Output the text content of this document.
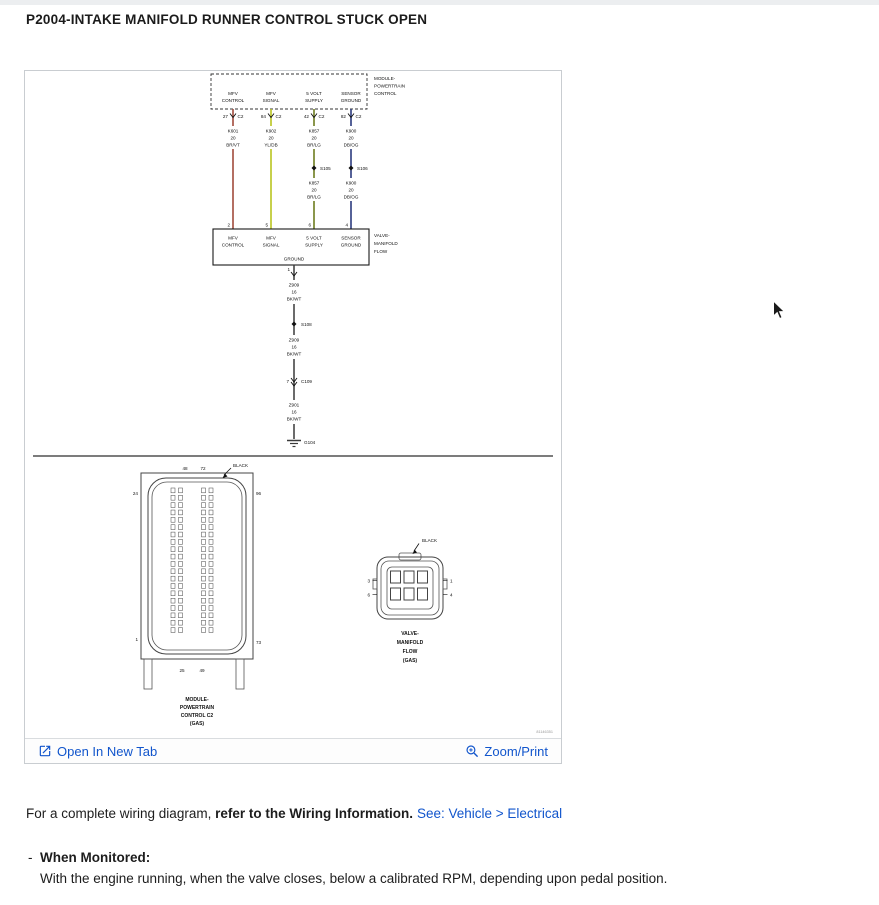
P2004-INTAKE MANIFOLD RUNNER CONTROL STUCK OPEN
MODULE-
POWERTRAIN
CONTROL
MFV
CONTROL
27 C2
K601
20
BR/VT
2
MFV
SIGNAL
84 C2
K902
20
YL/DB
5
5 VOLT
SUPPLY
42 C2
K857
20
BR/LG
S105
K857
20
BR/LG
6
SENSOR
GROUND
82 C2
K900
20
DB/OG
S106
K900
20
DB/OG
4
MFV
CONTROL
MFV
SIGNAL
5 VOLT
SUPPLY
SENSOR
GROUND
GROUND
VALVE-
MANIFOLD
FLOW
1
Z909
16
BK/WT
S108
Z909
16
BK/WT
7	C109
Z901
16
BK/WT
G104
48	72
BLACK
24	96
1
73
25	49
MODULE-
POWERTRAIN
CONTROL C2
(GAS)
BLACK
3	1
6	4
VALVE-
MANIFOLD
FLOW
(GAS)
81146351
Open In New Tab	Zoom/Print

For a complete wiring diagram, refer to the Wiring Information. See: Vehicle > Electrical

- When Monitored:
With the engine running, when the valve closes, below a calibrated RPM, depending upon pedal position.
